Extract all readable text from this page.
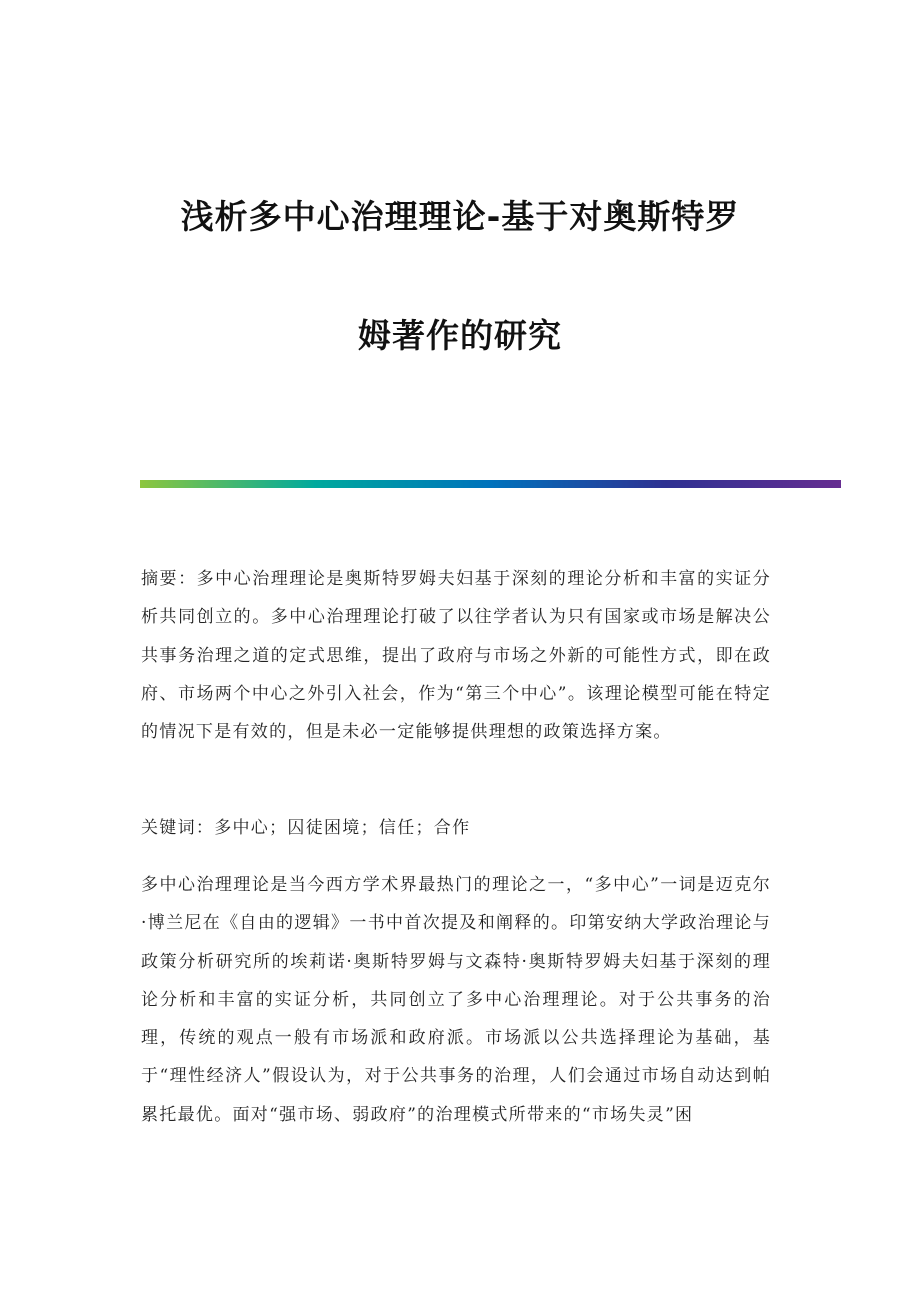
浅析多中心治理理论-基于对奥斯特罗
姆著作的研究
摘要：多中心治理理论是奥斯特罗姆夫妇基于深刻的理论分析和丰富的实证分析共同创立的。多中心治理理论打破了以往学者认为只有国家或市场是解决公共事务治理之道的定式思维，提出了政府与市场之外新的可能性方式，即在政府、市场两个中心之外引入社会，作为“第三个中心”。该理论模型可能在特定的情况下是有效的，但是未必一定能够提供理想的政策选择方案。
关键词：多中心；囚徒困境；信任；合作
多中心治理理论是当今西方学术界最热门的理论之一，“多中心”一词是迈克尔·博兰尼在《自由的逻辑》一书中首次提及和阐释的。印第安纳大学政治理论与政策分析研究所的埃莉诺·奥斯特罗姆与文森特·奥斯特罗姆夫妇基于深刻的理论分析和丰富的实证分析，共同创立了多中心治理理论。对于公共事务的治理，传统的观点一般有市场派和政府派。市场派以公共选择理论为基础，基于“理性经济人”假设认为，对于公共事务的治理，人们会通过市场自动达到帕累托最优。面对“强市场、弱政府”的治理模式所带来的“市场失灵”困
